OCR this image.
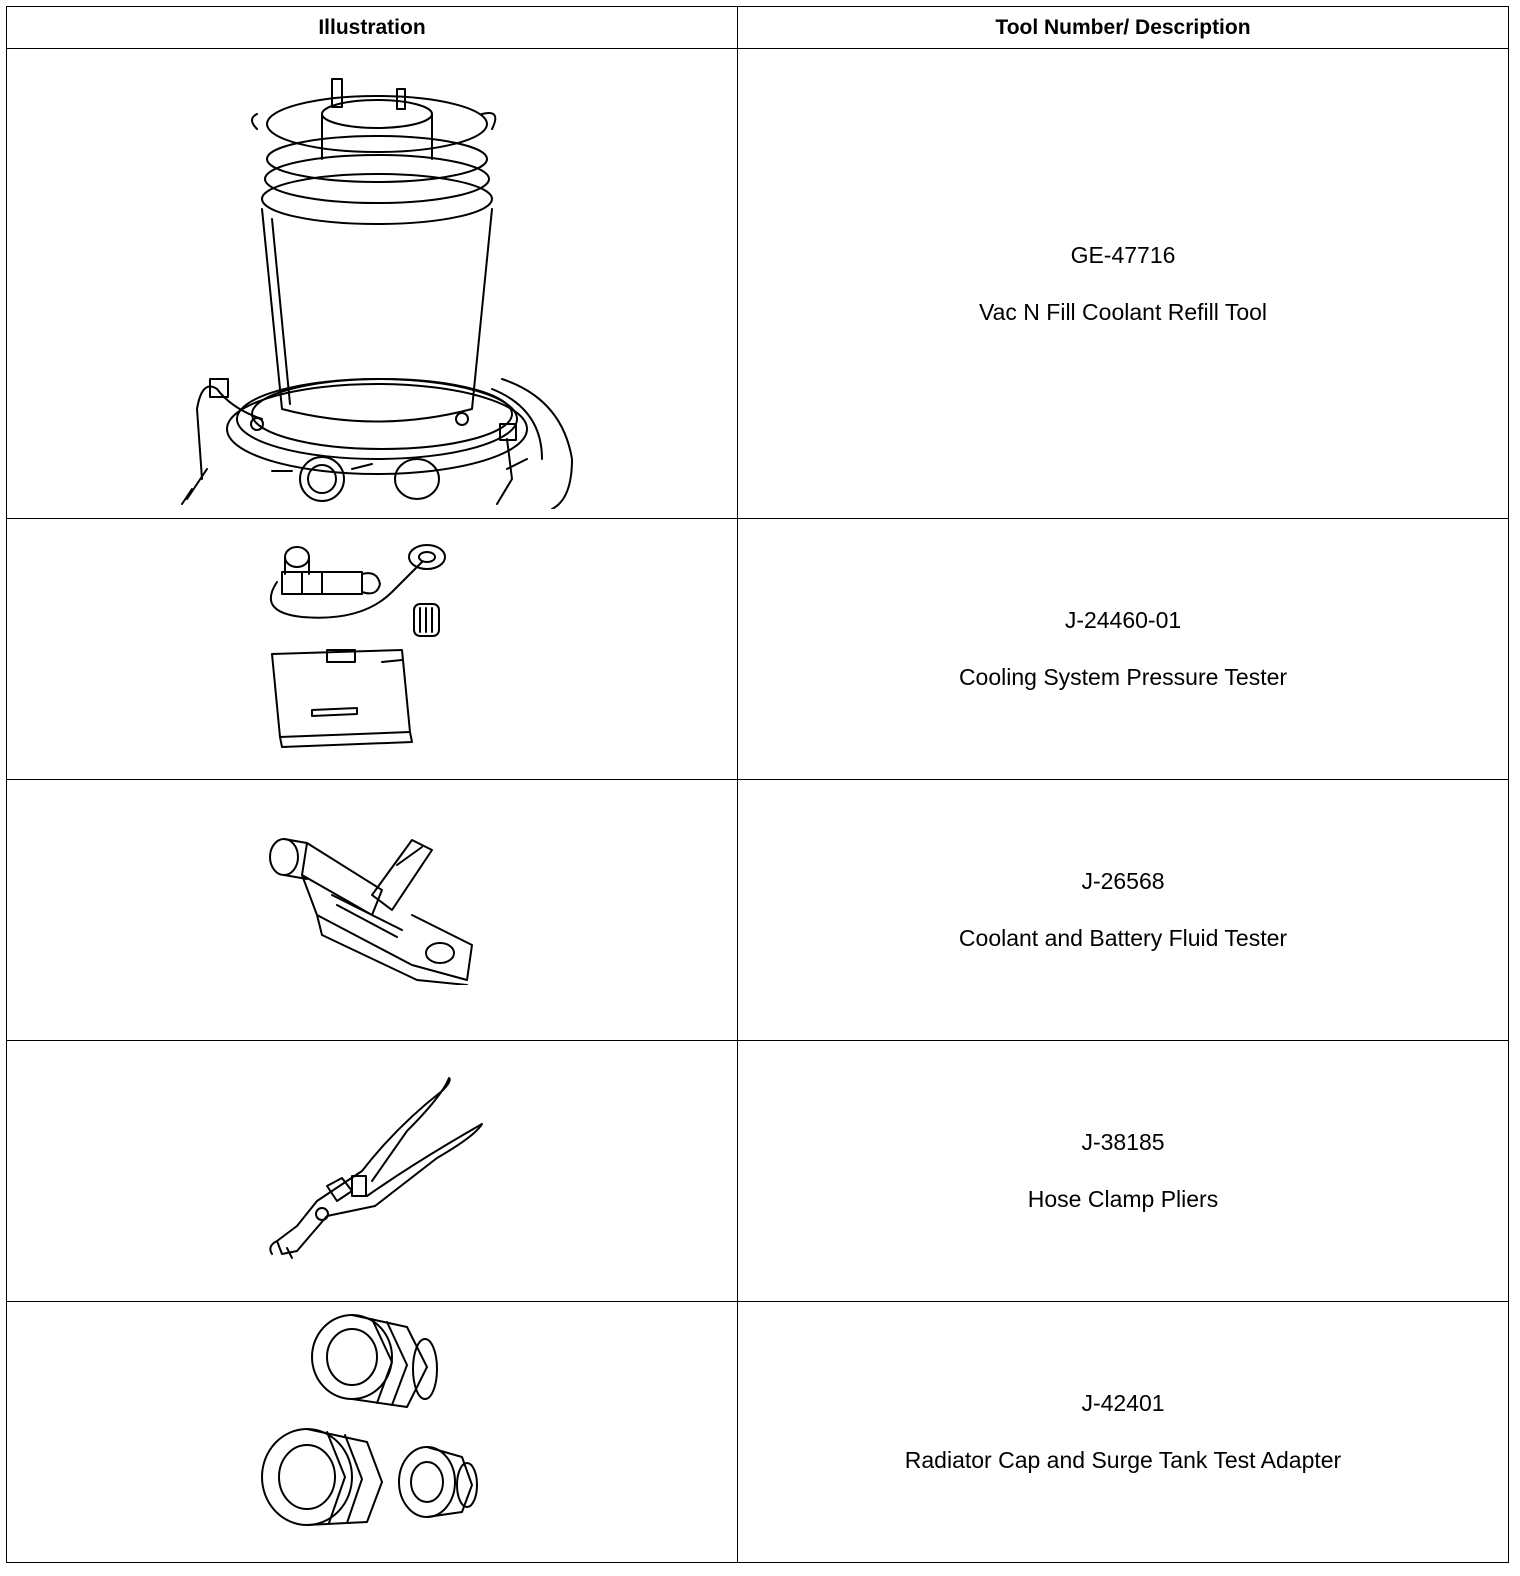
Illustration	Tool Number/ Description

GE-47716
Vac N Fill Coolant Refill Tool

J-24460-01
Cooling System Pressure Tester

J-26568
Coolant and Battery Fluid Tester

J-38185
Hose Clamp Pliers

J-42401
Radiator Cap and Surge Tank Test Adapter
